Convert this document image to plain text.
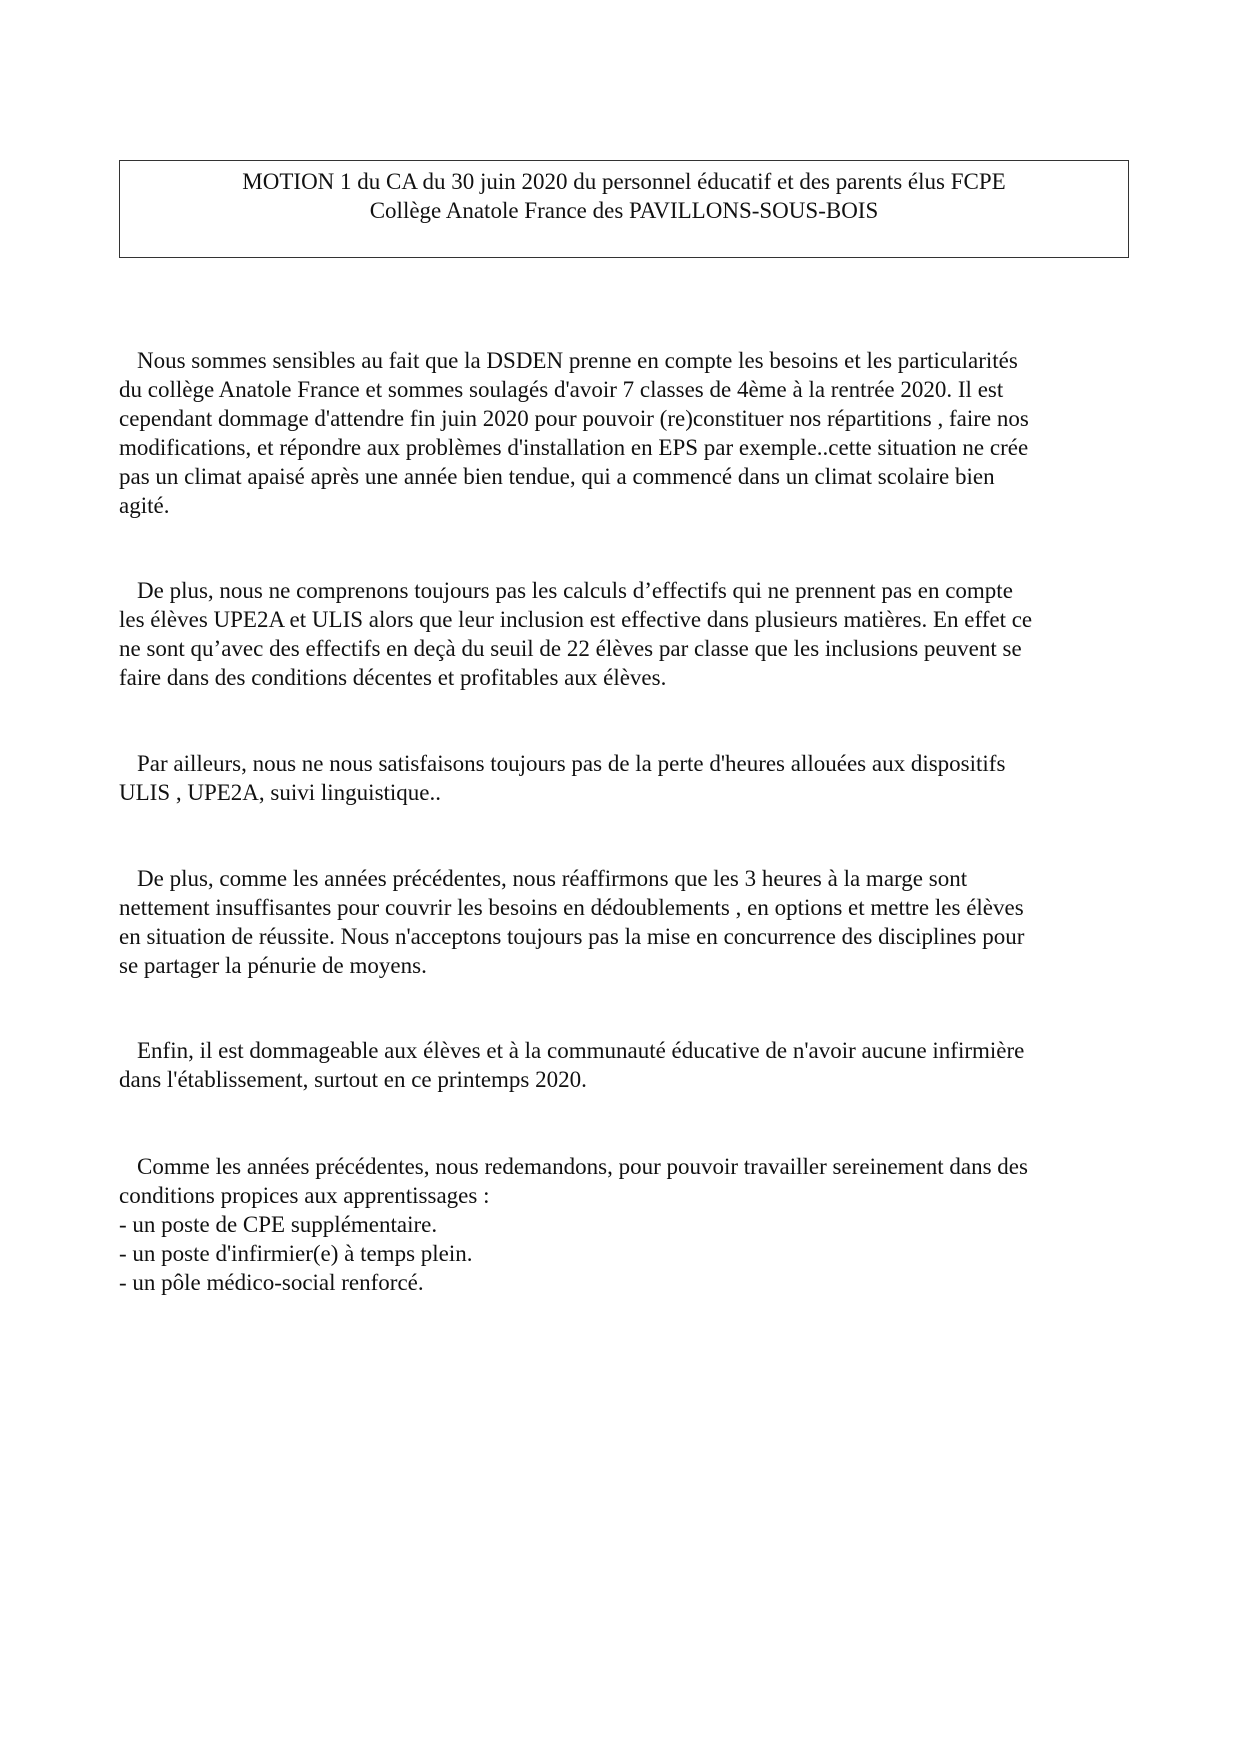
MOTION 1 du CA du 30 juin 2020 du personnel éducatif et des parents élus FCPE
Collège Anatole France des PAVILLONS-SOUS-BOIS
Nous sommes sensibles au fait que la DSDEN prenne en compte les besoins et les particularités
du collège Anatole France et sommes soulagés d'avoir 7 classes de 4ème à la rentrée 2020. Il est
cependant dommage d'attendre fin juin 2020 pour pouvoir (re)constituer nos répartitions , faire nos
modifications, et répondre aux problèmes d'installation en EPS par exemple..cette situation ne crée
pas un climat apaisé après une année bien tendue, qui a commencé dans un climat scolaire bien
agité.
De plus, nous ne comprenons toujours pas les calculs d’effectifs qui ne prennent pas en compte
les élèves UPE2A et ULIS alors que leur inclusion est effective dans plusieurs matières. En effet ce
ne sont qu’avec des effectifs en deçà du seuil de 22 élèves par classe que les inclusions peuvent se
faire dans des conditions décentes et profitables aux élèves.
Par ailleurs, nous ne nous satisfaisons toujours pas de la perte d'heures allouées aux dispositifs
ULIS , UPE2A, suivi linguistique..
De plus, comme les années précédentes, nous réaffirmons que les 3 heures à la marge sont
nettement insuffisantes pour couvrir les besoins en dédoublements , en options et mettre les élèves
en situation de réussite. Nous n'acceptons toujours pas la mise en concurrence des disciplines pour
se partager la pénurie de moyens.
Enfin, il est dommageable aux élèves et à la communauté éducative de n'avoir aucune infirmière
dans l'établissement, surtout en ce printemps 2020.
Comme les années précédentes, nous redemandons, pour pouvoir travailler sereinement dans des
conditions propices aux apprentissages :
- un poste de CPE supplémentaire.
- un poste d'infirmier(e) à temps plein.
- un pôle médico-social renforcé.
